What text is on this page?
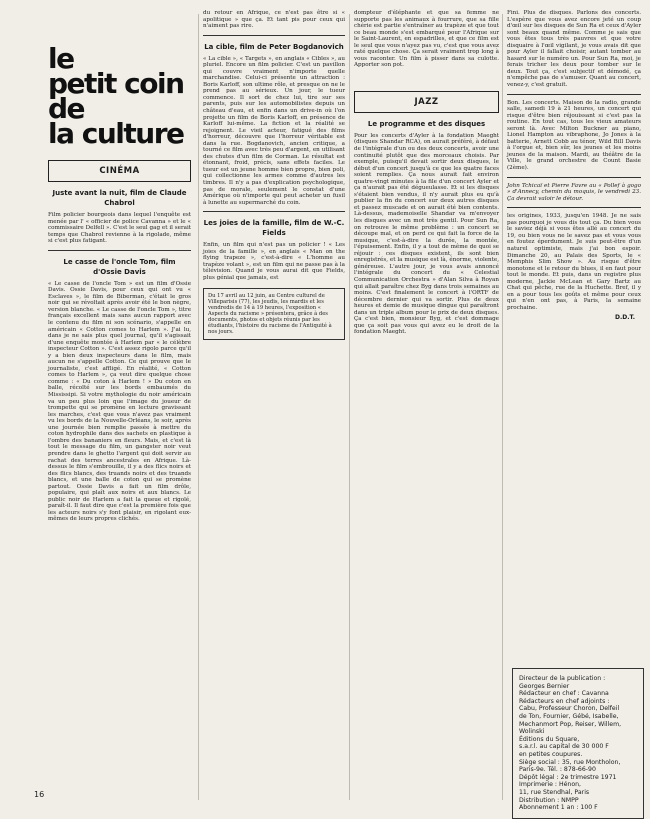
le
petit coin
de
la culture
CINÉMA
Juste avant la nuit, film de Claude Chabrol

Film policier bourgeois dans lequel l'enquête est menée par l' « officier de police Cavanna » et le « commissaire Delfell ». C'est le seul gag et il serait temps que Chabrol revienne à la rigolade, même si c'est plus fatigant.

Le casse de l'oncle Tom, film d'Ossie Davis

« Le casse de l'oncle Tom » est un film d'Ossie Davis. Ossie Davis, pour ceux qui ont vu « Esclaves », le film de Biberman, c'était le gros noir qui se révoltait après avoir été le bon nègre, version blanche. « Le casse de l'oncle Tom », titre français excellent mais sans aucun rapport avec le contenu du film ni son scénario, s'appelle en américain « Cotton comes to Harlem ». J'ai lu, dans je ne sais plus quel journal, qu'il s'agissait d'une enquête montée à Harlem par « le célèbre inspecteur Cotton ». C'est assez rigolo parce qu'il y a bien deux inspecteurs dans le film, mais aucun ne s'appelle Cotton. Ce qui prouve que le journaliste, c'est affligé. En réalité, « Cotton comes to Harlem », ça veut dire quelque chose comme : « Du coton à Harlem ! » Du coton en balle, récolté sur les bords embaumés du Mississipi. Si votre mythologie du noir américain va un peu plus loin que l'image du joueur de trompette qui se promène en lecture gravissant les marches, c'est que vous n'avez pas vraiment vu les bords de la Nouvelle-Orléans, le soir, après une journée bien remplie passée à mettre du coton hydrophile dans des sachets en plastique à l'ombre des bananiers en fleurs. Mais, et c'est là tout le message du film, un gangster noir veut prendre dans le ghetto l'argent qui doit servir au rachat des terres ancestrales en Afrique. Là-dessus le film s'embrouille, il y a des flics noirs et des flics blancs, des truands noirs et des truands blancs, et une balle de coton qui se promène partout. Ossie Davis a fait un film drôle, populaire, qui plaît aux noirs et aux blancs. Le public noir de Harlem a fait la queue et rigolé, paraît-il. Il faut dire que c'est la première fois que les acteurs noirs s'y font plaisir, en rigolant eux-mêmes de leurs propres clichés.

du retour en Afrique, ce n'est pas être si « apolitique » que ça. Et tant pis pour ceux qui n'aiment pas rire.

La cible, film de Peter Bogdanovich

« La cible », « Targets », en anglais « Cibles », au pluriel. Encore un film policier. C'est un pavillon qui couvre vraiment n'importe quelle marchandise. Celui-ci présente un attraction : Boris Karloff, son ultime rôle, et presque on ne le prend pas au sérieux. Un jour, le tueur commence. Il sort de chez lui, tire sur ses parents, puis sur les automobilistes depuis un château d'eau, et enfin dans un drive-in où l'on projette un film de Boris Karloff, en présence de Karloff lui-même. La fiction et la réalité se rejoignent. Le vieil acteur, fatigué des films d'horreur, découvre que l'horreur véritable est dans la rue. Bogdanovich, ancien critique, a tourné ce film avec très peu d'argent, en utilisant des chutes d'un film de Corman. Le résultat est étonnant, froid, précis, sans effets faciles. Le tueur est un jeune homme bien propre, bien poli, qui collectionne les armes comme d'autres les timbres. Il n'y a pas d'explication psychologique, pas de morale, seulement le constat d'une Amérique où n'importe qui peut acheter un fusil à lunette au supermarché du coin.

Les joies de la famille, film de W.-C. Fields

Enfin, un film qui n'est pas un policier ! « Les joies de la famille », en anglais « Man on the flying trapeze », c'est-à-dire « L'homme au trapèze volant », est un film qui ne passe pas à la télévision. Quand je vous aurai dit que Fields, plus génial que jamais, est

Du 17 avril au 12 juin, au Centre culturel de Villeparisis (77), les jeudis, les mardis et les vendredis de 14 à 19 heures, l'exposition « Aspects du racisme » présentera, grâce à des documents, photos et objets réunis par les étudiants, l'histoire du racisme de l'Antiquité à nos jours.

dompteur d'éléphante et que sa femme ne supporte pas les animaux à fourrure, que sa fille chérie est partie s'entraîner au trapèze et que tout ce beau monde s'est embarqué pour l'Afrique sur le Saint-Laurent, en espadrilles, et que ce film est le seul que vous n'ayez pas vu, c'est que vous avez raté quelque chose. Ça serait vraiment trop long à vous raconter. Un film à pisser dans sa culotte. Apporter son pot.

JAZZ
Le programme et des disques

Pour les concerts d'Ayler à la fondation Maeght (disques Shandar RCA), on aurait préféré, à défaut de l'intégrale d'un ou des deux concerts, avoir une continuité plutôt que des morceaux choisis. Par exemple, puisqu'il devait sortir deux disques, le début d'un concert jusqu'à ce que les quatre faces soient remplies. Ça nous aurait fait environ quatre-vingt minutes à la file d'un concert Ayler et ça n'aurait pas été dégueulasse. Et si les disques s'étaient bien vendus, il n'y aurait plus eu qu'à publier la fin du concert sur deux autres disques et passez muscade et on aurait été bien contents. Là-dessus, mademoiselle Shandar va m'envoyer les disques avec un mot très gentil. Pour Sun Ra, on retrouve le même problème : un concert se découpe mal, et on perd ce qui fait la force de la musique, c'est-à-dire la durée, la montée, l'épuisement. Enfin, il y a tout de même de quoi se réjouir : ces disques existent, ils sont bien enregistrés, et la musique est là, énorme, violente, généreuse. L'autre jour, je vous avais annoncé l'intégrale du concert du « Celestial Communication Orchestra » d'Alan Silva à Royan qui allait paraître chez Byg dans trois semaines au moins. C'est finalement le concert à l'ORTF de décembre dernier qui va sortir. Plus de deux heures et demie de musique dingue qui paraîtront dans un triple album pour le prix de deux disques. Ça c'est bien, monsieur Byg, et c'est dommage que ça soit pas vous qui avez eu le droit de la fondation Maeght.

Fini. Plus de disques. Parlons des concerts. L'espère que vous avez encore jeté un coup d'œil sur les disques de Sun Ra et ceux d'Ayler sont beaux quand même. Comme je sais que vous êtes tous très pauvres et que votre disquaire à l'œil vigilant, je vous avais dit que pour Ayler il fallait choisir, autant tomber au hasard sur le numéro un. Pour Sun Ra, moi, je ferais tricher les deux pour tomber sur le deux. Tout ça, c'est subjectif et démodé, ça n'empêche pas de s'amuser. Quant au concert, venez-y, c'est gratuit.

Bon. Les concerts. Maison de la radio, grande salle, samedi 19 à 21 heures, un concert qui risque d'être bien réjouissant si c'est pas la routine. En tout cas, tous les vieux amateurs seront là. Avec Milton Buckner au piano, Lionel Hampton au vibraphone, Jo Jones à la batterie, Arnett Cobb au ténor, Wild Bill Davis à l'orgue et, bien sûr, les jeunes et les moins jeunes de la maison. Mardi, au théâtre de la Ville, le grand orchestre de Count Basie (2ème).

John Tchicaï et Pierre Favre au « Pollef à gogo » d'Annecy, chemin du moquis, le vendredi 23. Ça devrait valoir le détour.

les origines, 1933, jusqu'en 1948. Je ne sais pas pourquoi je vous dis tout ça. Du bien vous le saviez déjà si vous êtes allé au concert du 19, ou bien vous ne le savez pas et vous vous en foutez éperdument. Je suis peut-être d'un naturel optimiste, mais j'ai bon espoir. Dimanche 20, au Palais des Sports, le « Memphis Slim Show ». Au risque d'être monotone et le retour du blues, il en faut pour tout le monde. Et puis, dans un registre plus moderne, Jackie McLean et Gary Bartz au Chat qui pêche, rue de la Huchette. Bref, il y en a pour tous les goûts et même pour ceux qui n'en ont pas, à Paris, la semaine prochaine.

D.D.T.
Directeur de la publication :
Georges Bernier
Rédacteur en chef : Cavanna
Rédacteurs en chef adjoints :
Cabu, Professeur Choron, Delfeil
de Ton, Fournier, Gébé, Isabelle,
Mechanmort Pop, Reiser, Willem,
Wolinski
Éditions du Square,
s.a.r.l. au capital de 30 000 F
en petites coupures.
Siège social : 35, rue Montholon,
Paris-9e. Tél. : 878-66-90
Dépôt légal : 2e trimestre 1971
Imprimerie : Hénon,
11, rue Stendhal, Paris
Distribution : NMPP
Abonnement 1 an : 100 F
16
